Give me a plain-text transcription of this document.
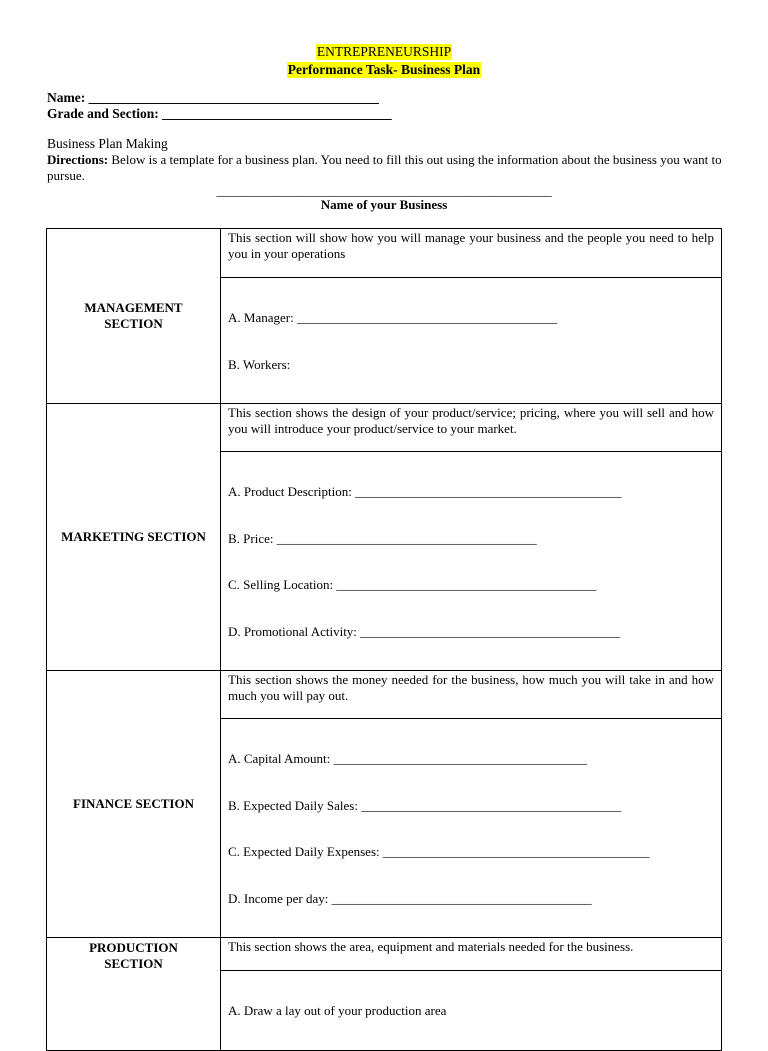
ENTREPRENEURSHIP
Performance Task- Business Plan
Name: ___________________________________________
Grade and Section: __________________________________
Business Plan Making
Directions: Below is a template for a business plan. You need to fill this out using the information about the business you want to pursue.
______________________________________________________
Name of your Business
MANAGEMENT SECTION	This section will show how you will manage your business and the people you need to help you in your operations

	A. Manager: ________________________________________

B. Workers:

MARKETING SECTION	This section shows the design of your product/service; pricing, where you will sell and how you will introduce your product/service to your market.

	A. Product Description: _________________________________________

B. Price: ________________________________________

C. Selling Location: ________________________________________

D. Promotional Activity: ________________________________________

FINANCE SECTION	This section shows the money needed for the business, how much you will take in and how much you will pay out.

	A. Capital Amount: _______________________________________

B. Expected Daily Sales: ________________________________________

C. Expected Daily Expenses: _________________________________________

D. Income per day: ________________________________________

PRODUCTION SECTION	This section shows the area, equipment and materials needed for the business.

	A. Draw a lay out of your production area
